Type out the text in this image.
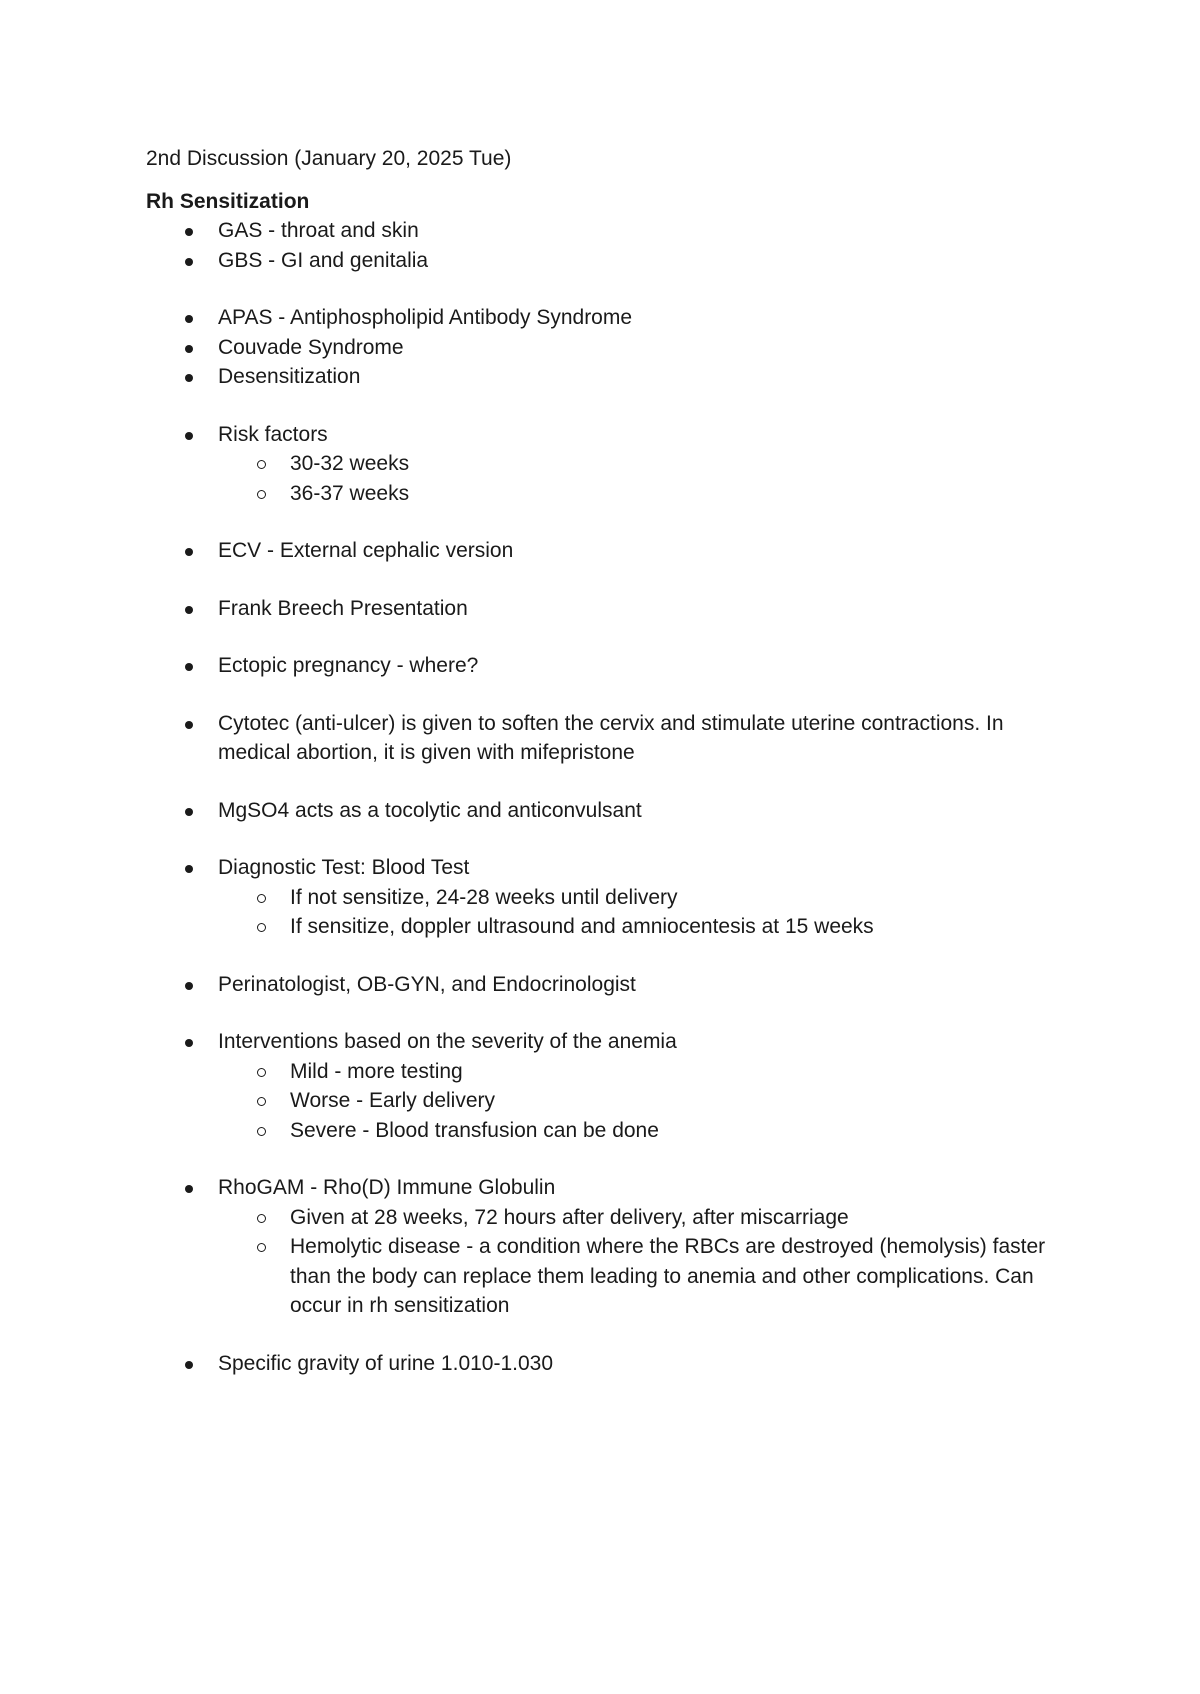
2nd Discussion (January 20, 2025 Tue)

Rh Sensitization

GAS - throat and skin
GBS - GI and genitalia
APAS - Antiphospholipid Antibody Syndrome
Couvade Syndrome
Desensitization
Risk factors
30-32 weeks
36-37 weeks
ECV - External cephalic version
Frank Breech Presentation
Ectopic pregnancy - where?
Cytotec (anti-ulcer) is given to soften the cervix and stimulate uterine contractions. In medical abortion, it is given with mifepristone
MgSO4 acts as a tocolytic and anticonvulsant
Diagnostic Test: Blood Test
If not sensitize, 24-28 weeks until delivery
If sensitize, doppler ultrasound and amniocentesis at 15 weeks
Perinatologist, OB-GYN, and Endocrinologist
Interventions based on the severity of the anemia
Mild - more testing
Worse - Early delivery
Severe - Blood transfusion can be done
RhoGAM - Rho(D) Immune Globulin
Given at 28 weeks, 72 hours after delivery, after miscarriage
Hemolytic disease - a condition where the RBCs are destroyed (hemolysis) faster than the body can replace them leading to anemia and other complications. Can occur in rh sensitization
Specific gravity of urine 1.010-1.030
